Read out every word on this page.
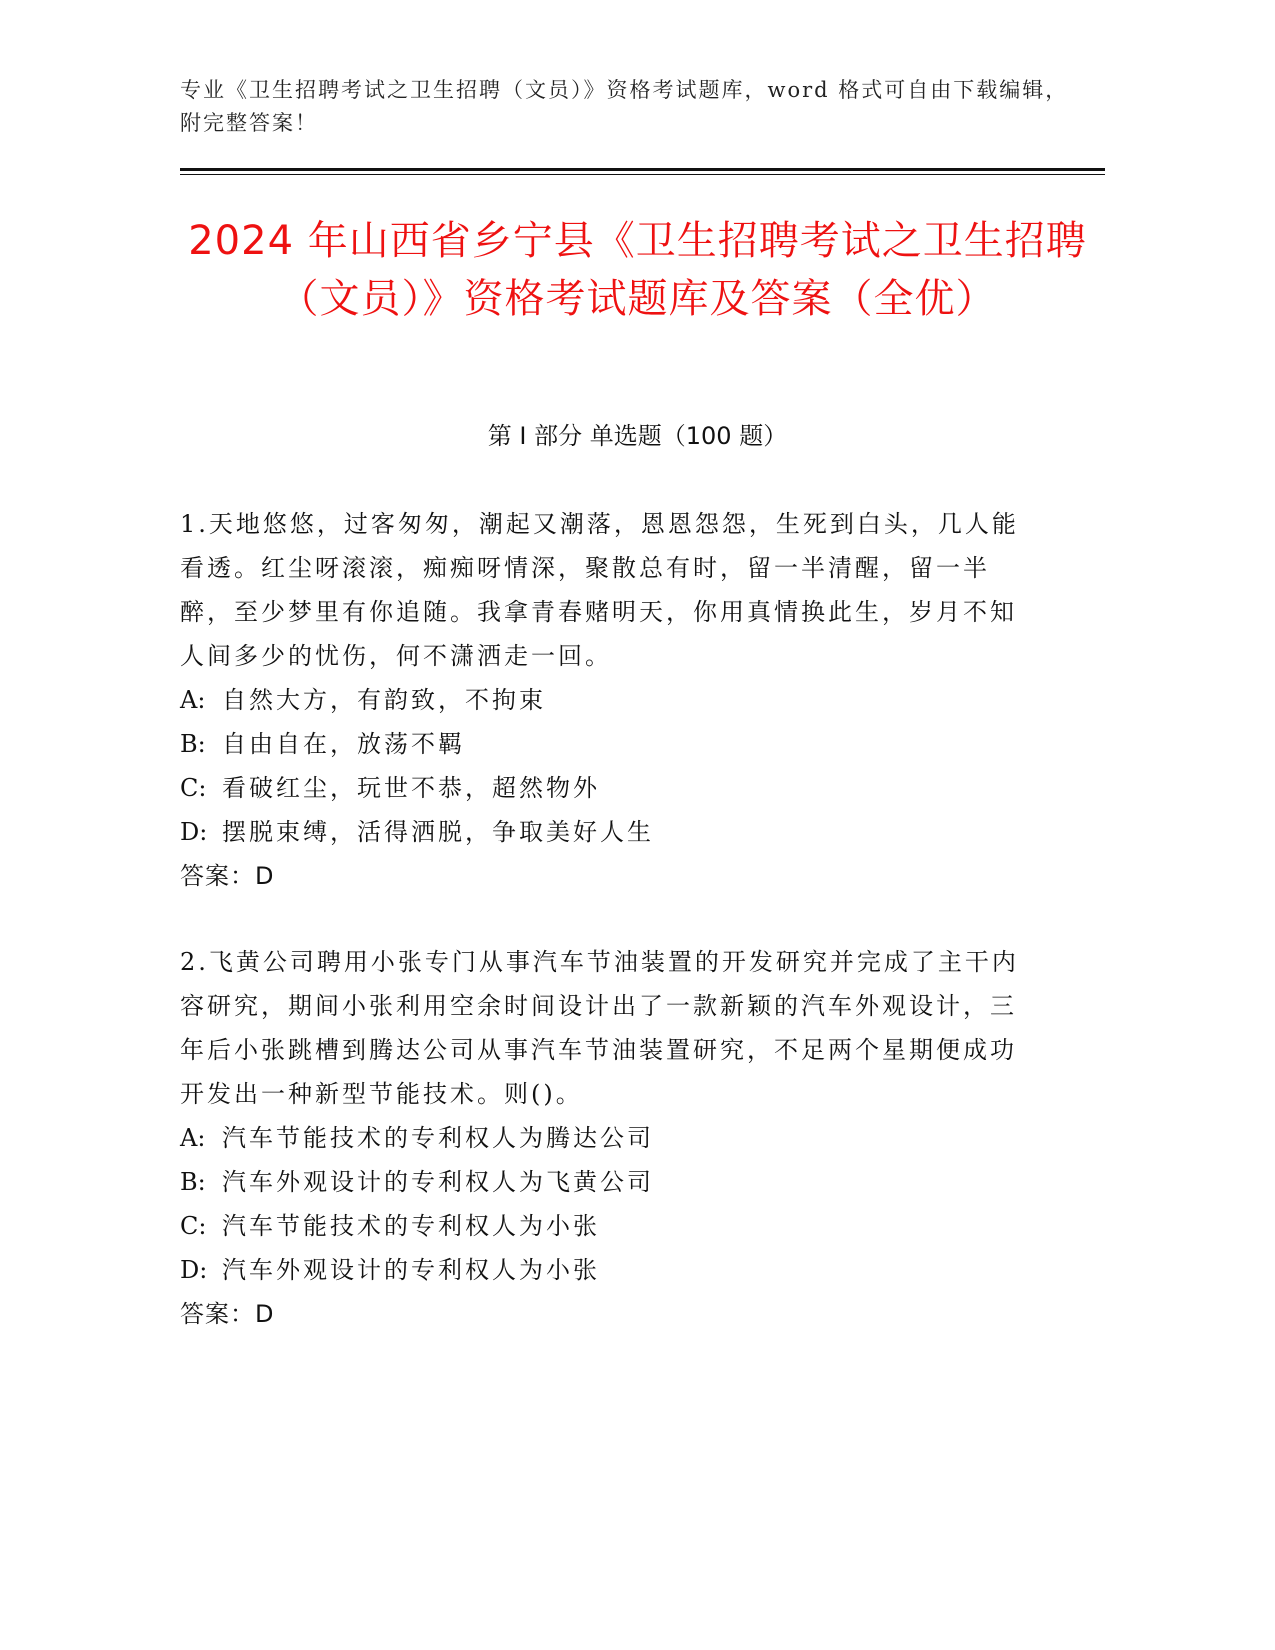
专业《卫生招聘考试之卫生招聘（文员）》资格考试题库，word 格式可自由下载编辑，附完整答案！
2024 年山西省乡宁县《卫生招聘考试之卫生招聘（文员）》资格考试题库及答案（全优）
第 I 部分 单选题（100 题）

1.天地悠悠，过客匆匆，潮起又潮落，恩恩怨怨，生死到白头，几人能看透。红尘呀滚滚，痴痴呀情深，聚散总有时，留一半清醒，留一半醉，至少梦里有你追随。我拿青春赌明天，你用真情换此生，岁月不知人间多少的忧伤，何不潇洒走一回。

A: 自然大方，有韵致，不拘束

B: 自由自在，放荡不羁

C: 看破红尘，玩世不恭，超然物外

D: 摆脱束缚，活得洒脱，争取美好人生

答案：D

2.飞黄公司聘用小张专门从事汽车节油装置的开发研究并完成了主干内容研究，期间小张利用空余时间设计出了一款新颖的汽车外观设计，三年后小张跳槽到腾达公司从事汽车节油装置研究，不足两个星期便成功开发出一种新型节能技术。则()。

A: 汽车节能技术的专利权人为腾达公司

B: 汽车外观设计的专利权人为飞黄公司

C: 汽车节能技术的专利权人为小张

D: 汽车外观设计的专利权人为小张

答案：D
